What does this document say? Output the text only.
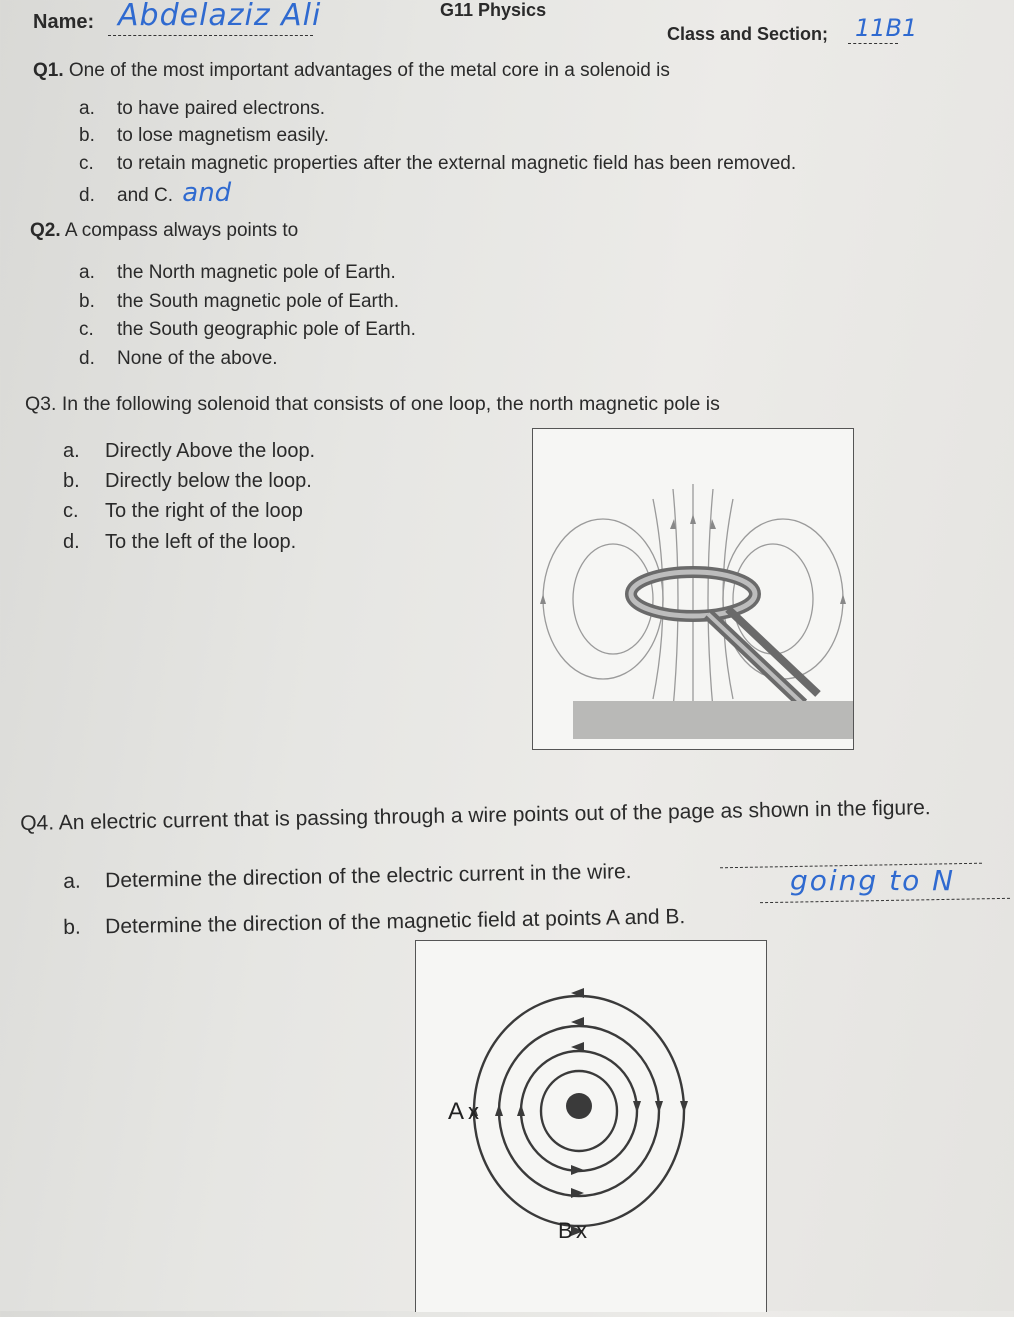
G11 Physics
Name: Abdelaziz Ali
Class and Section; 11B1
Q1. One of the most important advantages of the metal core in a solenoid is
a. to have paired electrons.
b. to lose magnetism easily.
c. to retain magnetic properties after the external magnetic field has been removed.
d. and C. and
Q2. A compass always points to
a. the North magnetic pole of Earth.
b. the South magnetic pole of Earth.
c. the South geographic pole of Earth.
d. None of the above.
Q3. In the following solenoid that consists of one loop, the north magnetic pole is
a. Directly Above the loop.
b. Directly below the loop.
c. To the right of the loop
d. To the left of the loop.
Q4. An electric current that is passing through a wire points out of the page as shown in the figure.
a. Determine the direction of the electric current in the wire.
b. Determine the direction of the magnetic field at points A and B.
going to N
A x
B x
